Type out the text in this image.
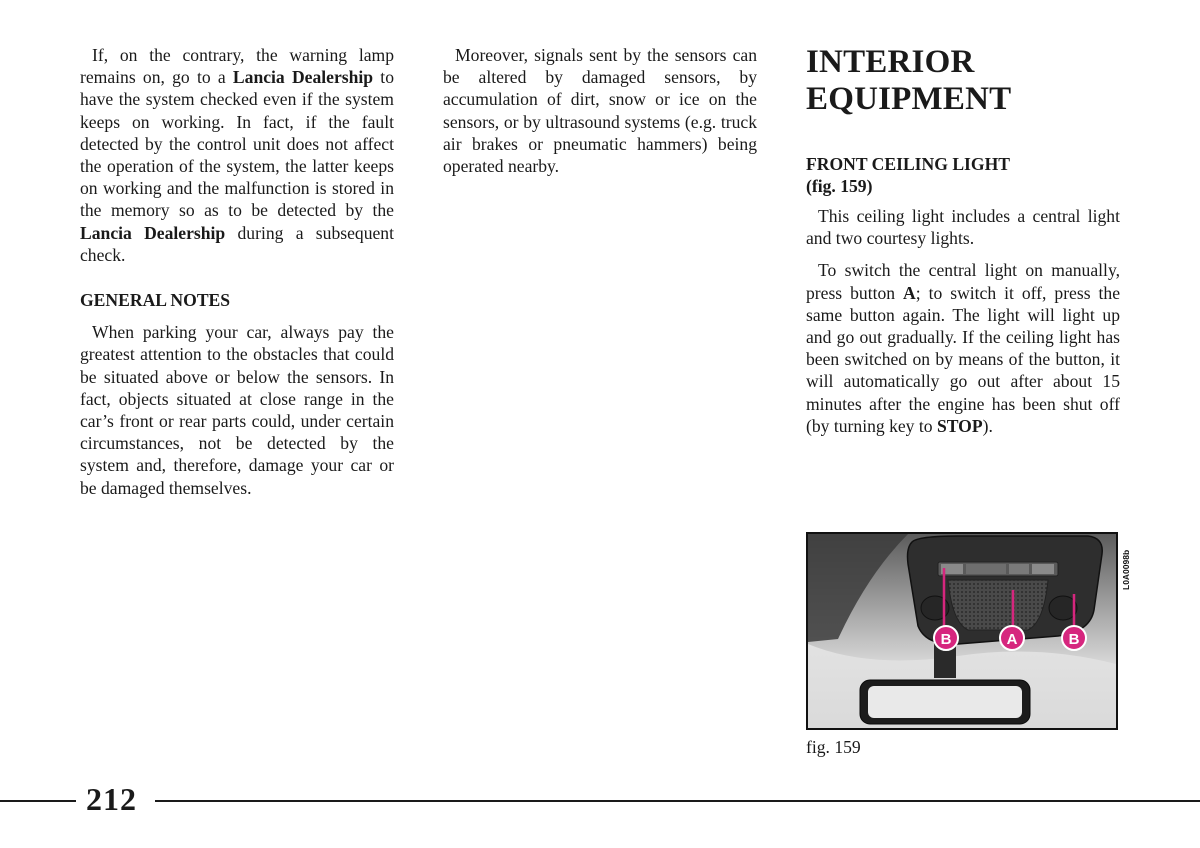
If, on the contrary, the warning lamp remains on, go to a Lancia Dealership to have the system checked even if the system keeps on working. In fact, if the fault detected by the control unit does not affect the operation of the system, the latter keeps on working and the malfunction is stored in the memory so as to be detected by the Lancia Dealership during a subsequent check.

GENERAL NOTES

When parking your car, always pay the greatest attention to the obstacles that could be situated above or below the sensors. In fact, objects situated at close range in the car’s front or rear parts could, under certain circumstances, not be detected by the system and, therefore, damage your car or be damaged themselves.

Moreover, signals sent by the sensors can be altered by damaged sensors, by accumulation of dirt, snow or ice on the sensors, or by ultrasound systems (e.g. truck air brakes or pneumatic hammers) being operated nearby.

INTERIOR
EQUIPMENT
FRONT CEILING LIGHT
(fig. 159)

This ceiling light includes a central light and two courtesy lights.

To switch the central light on manually, press button A; to switch it off, press the same button again. The light will light up and go out gradually. If the ceiling light has been switched on by means of the button, it will automatically go out after about 15 minutes after the engine has been shut off (by turning key to STOP).

B	A	B
L0A0098b
fig. 159
212
